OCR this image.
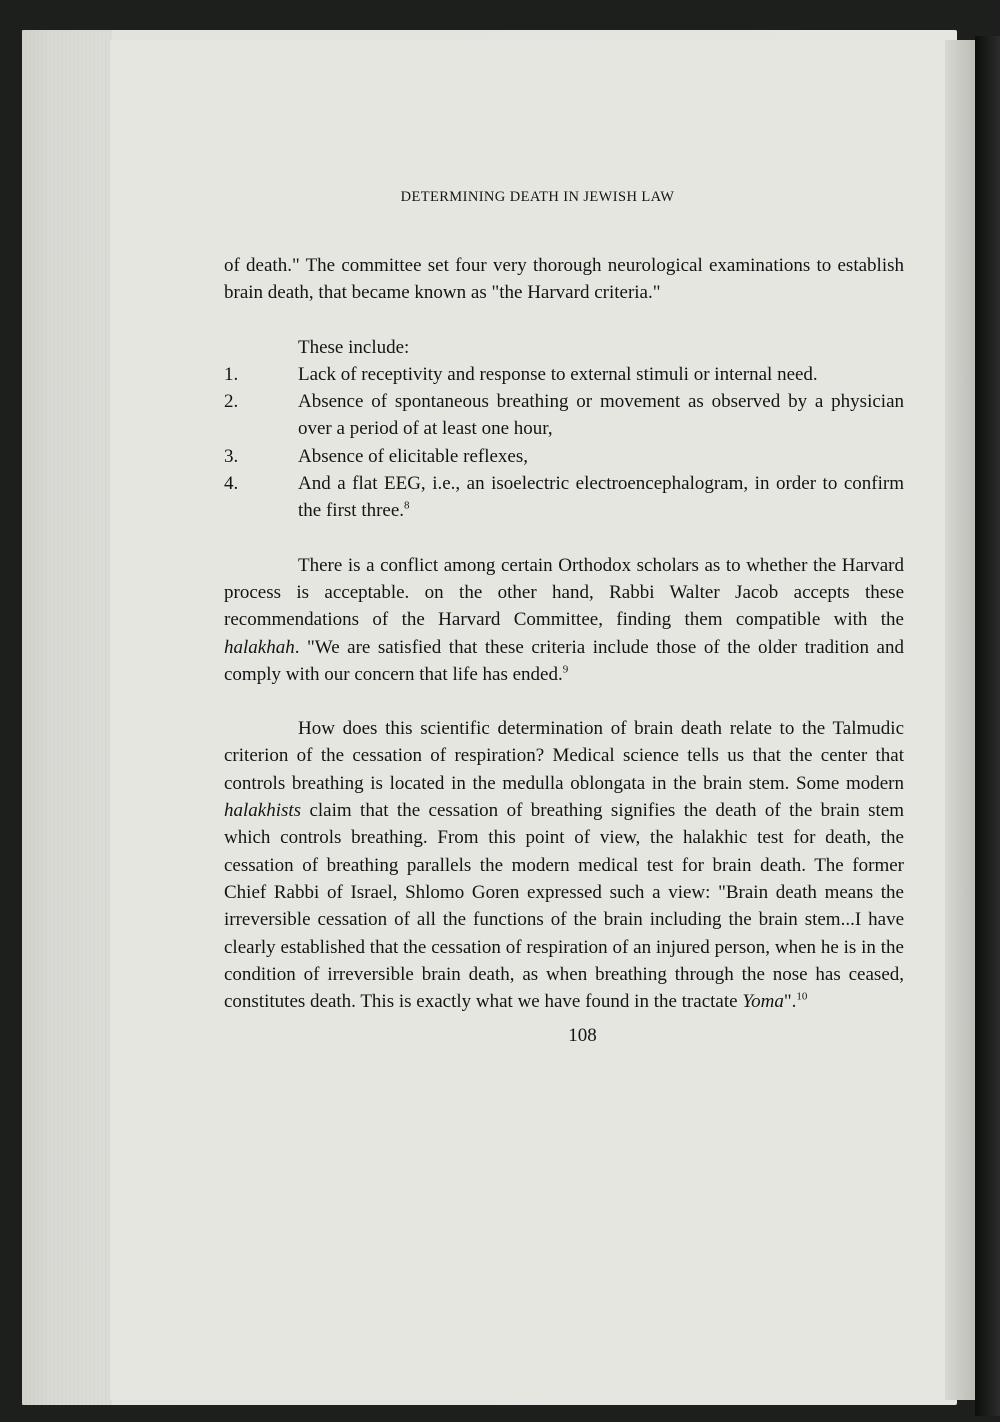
DETERMINING DEATH IN JEWISH LAW

of death." The committee set four very thorough neurological examinations to establish brain death, that became known as "the Harvard criteria."

These include:

1.	Lack of receptivity and response to external stimuli or internal need.
2.	Absence of spontaneous breathing or movement as observed by a physician over a period of at least one hour,
3.	Absence of elicitable reflexes,
4.	And a flat EEG, i.e., an isoelectric electroencephalogram, in order to confirm the first three.$^8$

There is a conflict among certain Orthodox scholars as to whether the Harvard process is acceptable. on the other hand, Rabbi Walter Jacob accepts these recommendations of the Harvard Committee, finding them compatible with the halakhah. "We are satisfied that these criteria include those of the older tradition and comply with our concern that life has ended.$^9$

How does this scientific determination of brain death relate to the Talmudic criterion of the cessation of respiration? Medical science tells us that the center that controls breathing is located in the medulla oblongata in the brain stem. Some modern halakhists claim that the cessation of breathing signifies the death of the brain stem which controls breathing. From this point of view, the halakhic test for death, the cessation of breathing parallels the modern medical test for brain death. The former Chief Rabbi of Israel, Shlomo Goren expressed such a view: "Brain death means the irreversible cessation of all the functions of the brain including the brain stem...I have clearly established that the cessation of respiration of an injured person, when he is in the condition of irreversible brain death, as when breathing through the nose has ceased, constitutes death. This is exactly what we have found in the tractate Yoma".$^{10}$

108
